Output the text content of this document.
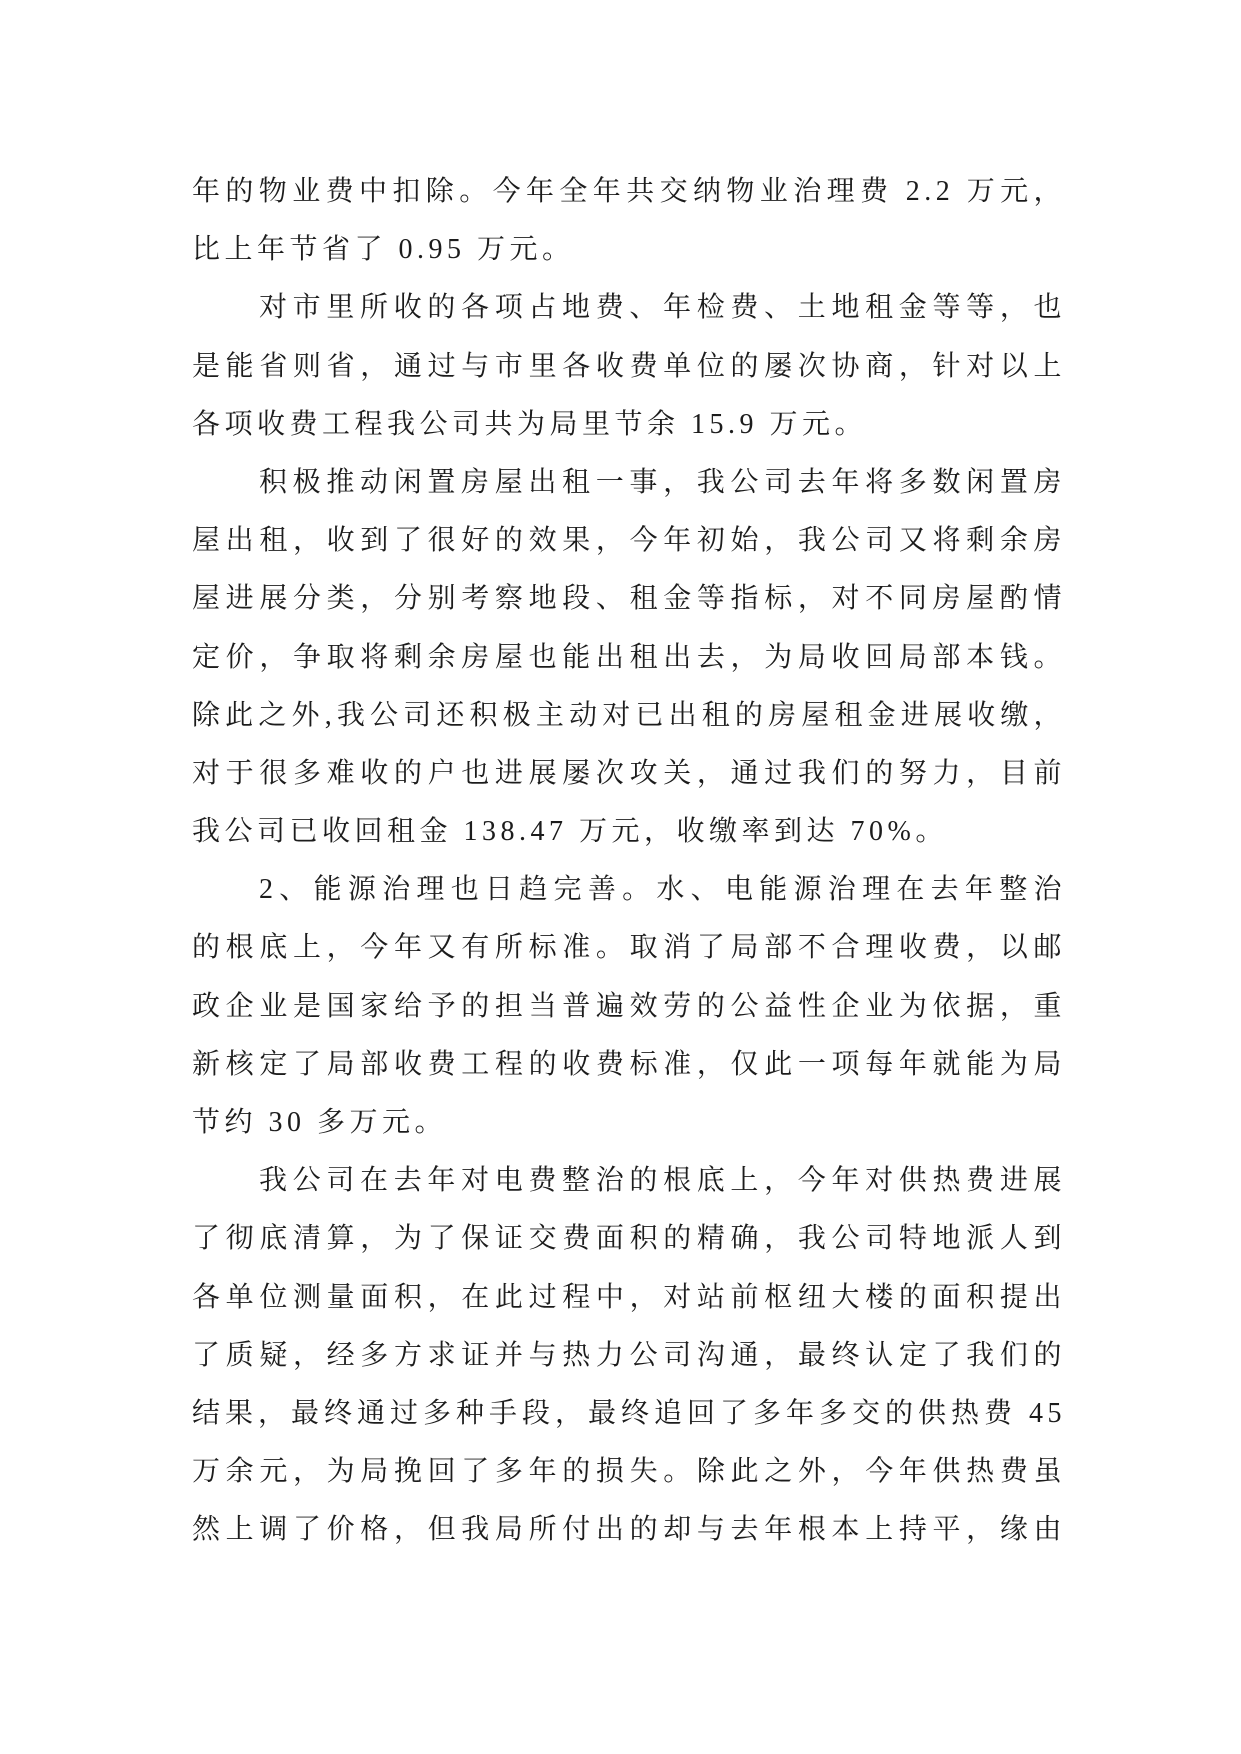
年的物业费中扣除。今年全年共交纳物业治理费 2.2 万元，
比上年节省了 0.95 万元。
对市里所收的各项占地费、年检费、土地租金等等，也
是能省则省，通过与市里各收费单位的屡次协商，针对以上
各项收费工程我公司共为局里节余 15.9 万元。
积极推动闲置房屋出租一事，我公司去年将多数闲置房
屋出租，收到了很好的效果，今年初始，我公司又将剩余房
屋进展分类，分别考察地段、租金等指标，对不同房屋酌情
定价，争取将剩余房屋也能出租出去，为局收回局部本钱。
除此之外,我公司还积极主动对已出租的房屋租金进展收缴，
对于很多难收的户也进展屡次攻关，通过我们的努力，目前
我公司已收回租金 138.47 万元，收缴率到达 70%。
2、能源治理也日趋完善。水、电能源治理在去年整治
的根底上，今年又有所标准。取消了局部不合理收费，以邮
政企业是国家给予的担当普遍效劳的公益性企业为依据，重
新核定了局部收费工程的收费标准，仅此一项每年就能为局
节约 30 多万元。
我公司在去年对电费整治的根底上，今年对供热费进展
了彻底清算，为了保证交费面积的精确，我公司特地派人到
各单位测量面积，在此过程中，对站前枢纽大楼的面积提出
了质疑，经多方求证并与热力公司沟通，最终认定了我们的
结果，最终通过多种手段，最终追回了多年多交的供热费 45
万余元，为局挽回了多年的损失。除此之外，今年供热费虽
然上调了价格，但我局所付出的却与去年根本上持平，缘由
